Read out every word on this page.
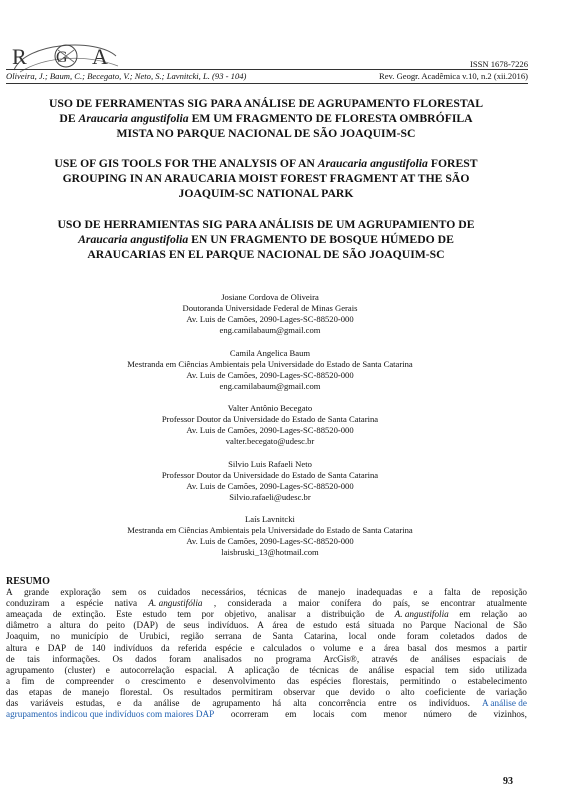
R G A	ISSN 1678-7226
Oliveira, J.; Baum, C.; Becegato, V.; Neto, S.; Lavnitcki, L. (93 - 104)	Rev. Geogr. Acadêmica v.10, n.2 (xii.2016)
USO DE FERRAMENTAS SIG PARA ANÁLISE DE AGRUPAMENTO FLORESTAL
DE Araucaria angustifolia EM UM FRAGMENTO DE FLORESTA OMBRÓFILA
MISTA NO PARQUE NACIONAL DE SÃO JOAQUIM-SC
USE OF GIS TOOLS FOR THE ANALYSIS OF AN Araucaria angustifolia FOREST
GROUPING IN AN ARAUCARIA MOIST FOREST FRAGMENT AT THE SÃO
JOAQUIM-SC NATIONAL PARK
USO DE HERRAMIENTAS SIG PARA ANÁLISIS DE UM AGRUPAMIENTO DE
Araucaria angustifolia EN UN FRAGMENTO DE BOSQUE HÚMEDO DE
ARAUCARIAS EN EL PARQUE NACIONAL DE SÃO JOAQUIM-SC
Josiane Cordova de Oliveira
Doutoranda Universidade Federal de Minas Gerais
Av. Luis de Camões, 2090-Lages-SC-88520-000
eng.camilabaum@gmail.com
Camila Angelica Baum
Mestranda em Ciências Ambientais pela Universidade do Estado de Santa Catarina
Av. Luis de Camões, 2090-Lages-SC-88520-000
eng.camilabaum@gmail.com
Valter Antônio Becegato
Professor Doutor da Universidade do Estado de Santa Catarina
Av. Luis de Camões, 2090-Lages-SC-88520-000
valter.becegato@udesc.br
Silvio Luis Rafaeli Neto
Professor Doutor da Universidade do Estado de Santa Catarina
Av. Luis de Camões, 2090-Lages-SC-88520-000
Silvio.rafaeli@udesc.br
Laís Lavnitcki
Mestranda em Ciências Ambientais pela Universidade do Estado de Santa Catarina
Av. Luis de Camões, 2090-Lages-SC-88520-000
laisbruski_13@hotmail.com
RESUMO
A grande exploração sem os cuidados necessários, técnicas de manejo inadequadas e a falta de reposição
conduziram a espécie nativa A. angustifólia , considerada a maior conífera do país, se encontrar atualmente
ameaçada de extinção. Este estudo tem por objetivo, analisar a distribuição de A. angustifolia em relação ao
diâmetro a altura do peito (DAP) de seus indivíduos. A área de estudo está situada no Parque Nacional de São
Joaquim, no município de Urubici, região serrana de Santa Catarina, local onde foram coletados dados de
altura e DAP de 140 indivíduos da referida espécie e calculados o volume e a área basal dos mesmos a partir
de tais informações. Os dados foram analisados no programa ArcGis®, através de análises espaciais de
agrupamento (cluster) e autocorrelação espacial. A aplicação de técnicas de análise espacial tem sido utilizada
a fim de compreender o crescimento e desenvolvimento das espécies florestais, permitindo o estabelecimento
das etapas de manejo florestal. Os resultados permitiram observar que devido o alto coeficiente de variação
das variáveis estudas, e da análise de agrupamento há alta concorrência entre os indivíduos. A análise de
agrupamentos indicou que indivíduos com maiores DAP ocorreram em locais com menor número de vizinhos,
93
